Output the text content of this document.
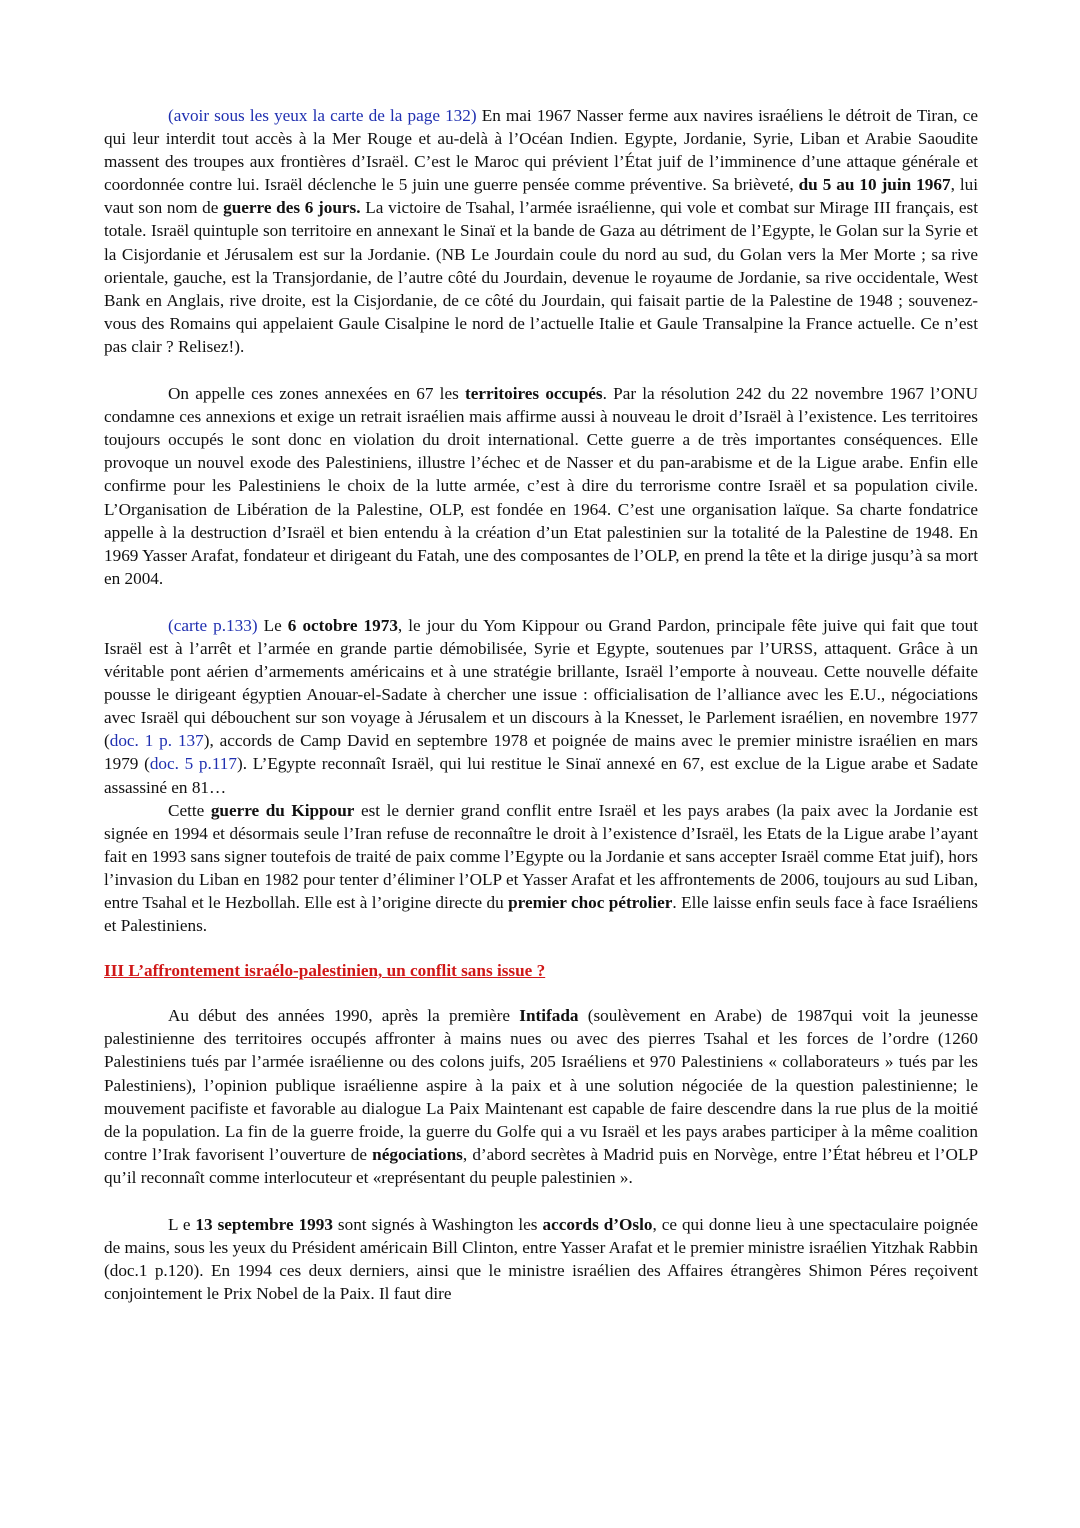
(avoir sous les yeux la carte de la page 132) En mai 1967 Nasser ferme aux navires israéliens le détroit de Tiran, ce qui leur interdit tout accès à la Mer Rouge et au-delà à l’Océan Indien. Egypte, Jordanie, Syrie, Liban et Arabie Saoudite massent des troupes aux frontières d’Israël. C’est le Maroc qui prévient l’État juif de l’imminence d’une attaque générale et coordonnée contre lui. Israël déclenche le 5 juin une guerre pensée comme préventive. Sa brièveté, du 5 au 10 juin 1967, lui vaut son nom de guerre des 6 jours. La victoire de Tsahal, l’armée israélienne, qui vole et combat sur Mirage III français, est totale. Israël quintuple son territoire en annexant le Sinaï et la bande de Gaza au détriment de l’Egypte, le Golan sur la Syrie et la Cisjordanie et Jérusalem est sur la Jordanie. (NB Le Jourdain coule du nord au sud, du Golan vers la Mer Morte ; sa rive orientale, gauche, est la Transjordanie, de l’autre côté du Jourdain, devenue le royaume de Jordanie, sa rive occidentale, West Bank en Anglais, rive droite, est la Cisjordanie, de ce côté du Jourdain, qui faisait partie de la Palestine de 1948 ; souvenez-vous des Romains qui appelaient Gaule Cisalpine le nord de l’actuelle Italie et Gaule Transalpine la France actuelle. Ce n’est pas clair ? Relisez!).

On appelle ces zones annexées en 67 les territoires occupés. Par la résolution 242 du 22 novembre 1967 l’ONU condamne ces annexions et exige un retrait israélien mais affirme aussi à nouveau le droit d’Israël à l’existence. Les territoires toujours occupés le sont donc en violation du droit international. Cette guerre a de très importantes conséquences. Elle provoque un nouvel exode des Palestiniens, illustre l’échec et de Nasser et du pan-arabisme et de la Ligue arabe. Enfin elle confirme pour les Palestiniens le choix de la lutte armée, c’est à dire du terrorisme contre Israël et sa population civile. L’Organisation de Libération de la Palestine, OLP, est fondée en 1964. C’est une organisation laïque. Sa charte fondatrice appelle à la destruction d’Israël et bien entendu à la création d’un Etat palestinien sur la totalité de la Palestine de 1948. En 1969 Yasser Arafat, fondateur et dirigeant du Fatah, une des composantes de l’OLP, en prend la tête et la dirige jusqu’à sa mort en 2004.

(carte p.133) Le 6 octobre 1973, le jour du Yom Kippour ou Grand Pardon, principale fête juive qui fait que tout Israël est à l’arrêt et l’armée en grande partie démobilisée, Syrie et Egypte, soutenues par l’URSS, attaquent. Grâce à un véritable pont aérien d’armements américains et à une stratégie brillante, Israël l’emporte à nouveau. Cette nouvelle défaite pousse le dirigeant égyptien Anouar-el-Sadate à chercher une issue : officialisation de l’alliance avec les E.U., négociations avec Israël qui débouchent sur son voyage à Jérusalem et un discours à la Knesset, le Parlement israélien, en novembre 1977 (doc. 1 p. 137), accords de Camp David en septembre 1978 et poignée de mains avec le premier ministre israélien en mars 1979 (doc. 5 p.117). L’Egypte reconnaît Israël, qui lui restitue le Sinaï annexé en 67, est exclue de la Ligue arabe et Sadate assassiné en 81…

Cette guerre du Kippour est le dernier grand conflit entre Israël et les pays arabes (la paix avec la Jordanie est signée en 1994 et désormais seule l’Iran refuse de reconnaître le droit à l’existence d’Israël, les Etats de la Ligue arabe l’ayant fait en 1993 sans signer toutefois de traité de paix comme l’Egypte ou la Jordanie et sans accepter Israël comme Etat juif), hors l’invasion du Liban en 1982 pour tenter d’éliminer l’OLP et Yasser Arafat et les affrontements de 2006, toujours au sud Liban, entre Tsahal et le Hezbollah. Elle est à l’origine directe du premier choc pétrolier. Elle laisse enfin seuls face à face Israéliens et Palestiniens.

III L’affrontement israélo-palestinien, un conflit sans issue ?

Au début des années 1990, après la première Intifada (soulèvement en Arabe) de 1987qui voit la jeunesse palestinienne des territoires occupés affronter à mains nues ou avec des pierres Tsahal et les forces de l’ordre (1260 Palestiniens tués par l’armée israélienne ou des colons juifs, 205 Israéliens et 970 Palestiniens « collaborateurs » tués par les Palestiniens), l’opinion publique israélienne aspire à la paix et à une solution négociée de la question palestinienne; le mouvement pacifiste et favorable au dialogue La Paix Maintenant est capable de faire descendre dans la rue plus de la moitié de la population. La fin de la guerre froide, la guerre du Golfe qui a vu Israël et les pays arabes participer à la même coalition contre l’Irak favorisent l’ouverture de négociations, d’abord secrètes à Madrid puis en Norvège, entre l’État hébreu et l’OLP qu’il reconnaît comme interlocuteur et «représentant du peuple palestinien ».

L e 13 septembre 1993 sont signés à Washington les accords d’Oslo, ce qui donne lieu à une spectaculaire poignée de mains, sous les yeux du Président américain Bill Clinton, entre Yasser Arafat et le premier ministre israélien Yitzhak Rabbin (doc.1 p.120). En 1994 ces deux derniers, ainsi que le ministre israélien des Affaires étrangères Shimon Péres reçoivent conjointement le Prix Nobel de la Paix. Il faut dire
